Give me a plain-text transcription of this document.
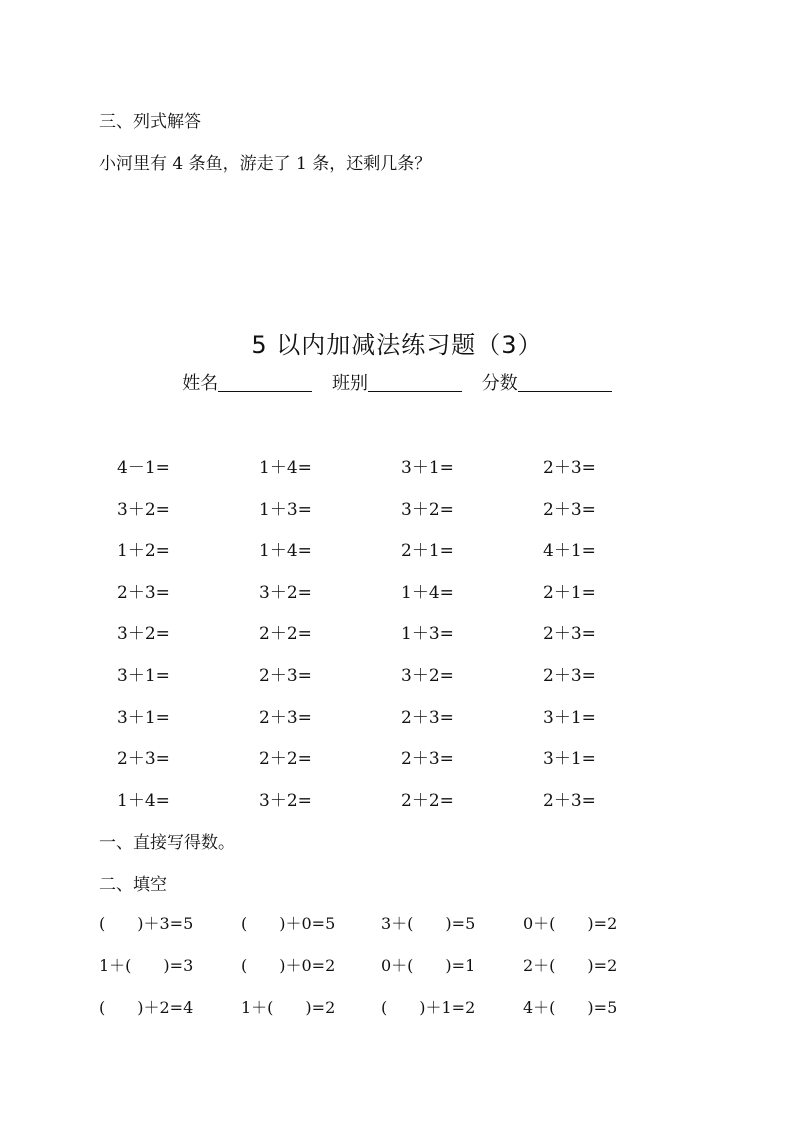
三、列式解答
小河里有 4 条鱼，游走了 1 条，还剩几条？
5 以内加减法练习题（3）
姓名	班别	分数
4－1=	1＋4=	3＋1=	2＋3=
3＋2=	1＋3=	3＋2=	2＋3=
1＋2=	1＋4=	2＋1=	4＋1=
2＋3=	3＋2=	1＋4=	2＋1=
3＋2=	2＋2=	1＋3=	2＋3=
3＋1=	2＋3=	3＋2=	2＋3=
3＋1=	2＋3=	2＋3=	3＋1=
2＋3=	2＋2=	2＋3=	3＋1=
1＋4=	3＋2=	2＋2=	2＋3=
一、直接写得数。
二、填空
(　　)＋3=5	(　　)＋0=5	3＋(　　)=5	0＋(　　)=2
1＋(　　)=3	(　　)＋0=2	0＋(　　)=1	2＋(　　)=2
(　　)＋2=4	1＋(　　)=2	(　　)＋1=2	4＋(　　)=5
